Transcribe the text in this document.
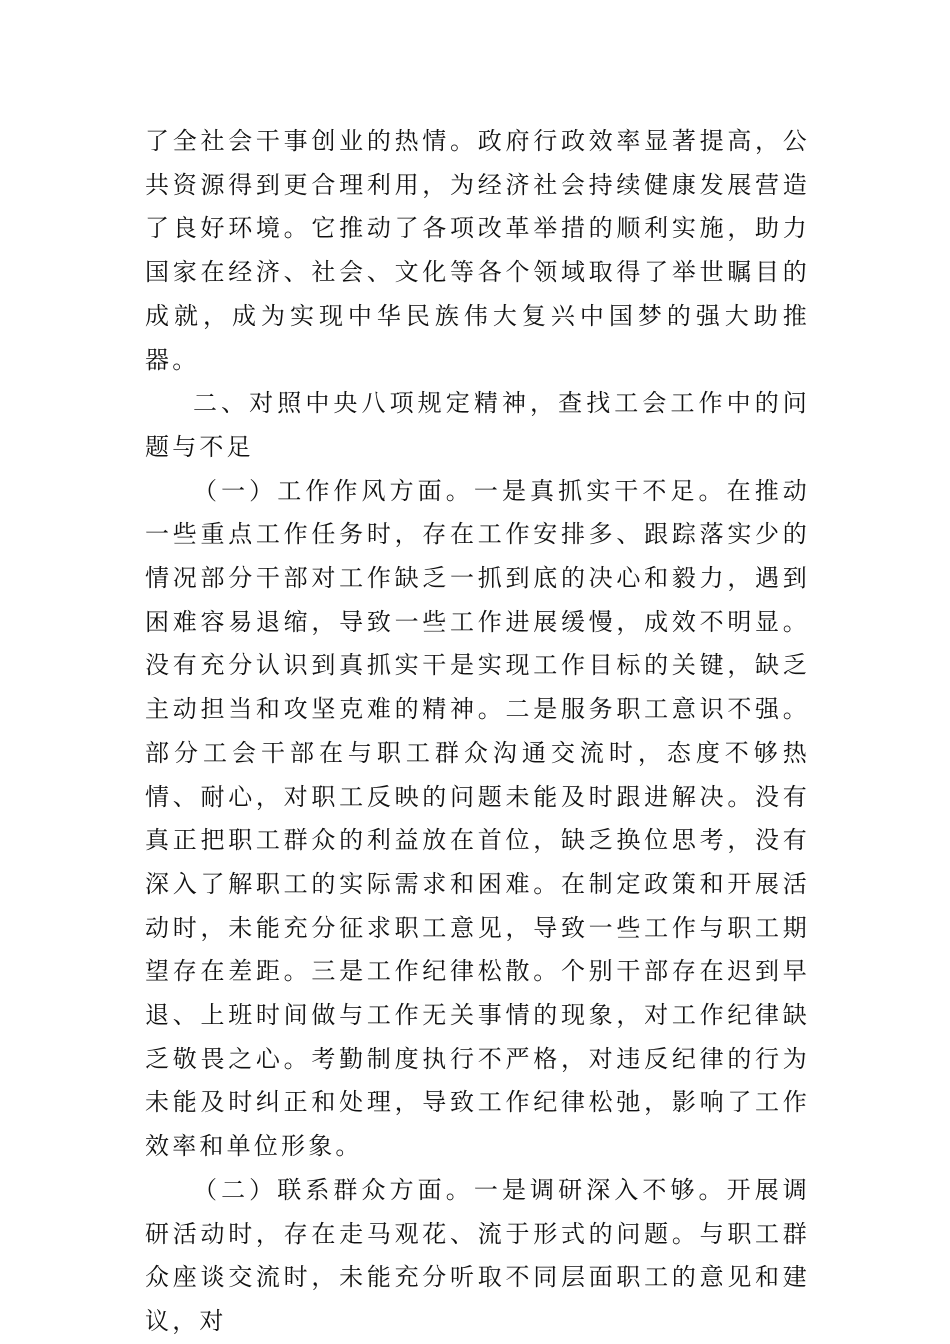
了全社会干事创业的热情。政府行政效率显著提高，公共资源得到更合理利用，为经济社会持续健康发展营造了良好环境。它推动了各项改革举措的顺利实施，助力国家在经济、社会、文化等各个领域取得了举世瞩目的成就，成为实现中华民族伟大复兴中国梦的强大助推器。

二、对照中央八项规定精神，查找工会工作中的问题与不足

（一）工作作风方面。一是真抓实干不足。在推动一些重点工作任务时，存在工作安排多、跟踪落实少的情况部分干部对工作缺乏一抓到底的决心和毅力，遇到困难容易退缩，导致一些工作进展缓慢，成效不明显。没有充分认识到真抓实干是实现工作目标的关键，缺乏主动担当和攻坚克难的精神。二是服务职工意识不强。部分工会干部在与职工群众沟通交流时，态度不够热情、耐心，对职工反映的问题未能及时跟进解决。没有真正把职工群众的利益放在首位，缺乏换位思考，没有深入了解职工的实际需求和困难。在制定政策和开展活动时，未能充分征求职工意见，导致一些工作与职工期望存在差距。三是工作纪律松散。个别干部存在迟到早退、上班时间做与工作无关事情的现象，对工作纪律缺乏敬畏之心。考勤制度执行不严格，对违反纪律的行为未能及时纠正和处理，导致工作纪律松弛，影响了工作效率和单位形象。

（二）联系群众方面。一是调研深入不够。开展调研活动时，存在走马观花、流于形式的问题。与职工群众座谈交流时，未能充分听取不同层面职工的意见和建议，对
